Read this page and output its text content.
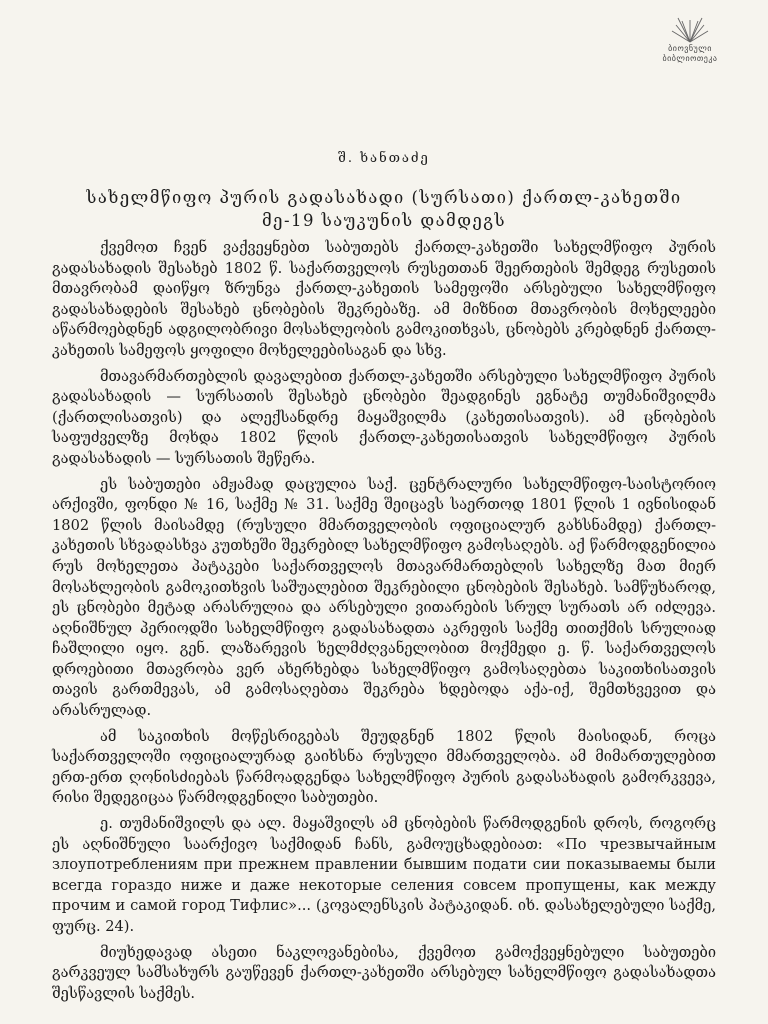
ბიოვნული
ბიბლიოთეკა
შ. ხანთაძე
სახელმწიფო პურის გადასახადი (სურსათი) ქართლ-კახეთში
მე-19 საუკუნის დამდეგს

ქვემოთ ჩვენ ვაქვეყნებთ საბუთებს ქართლ-კახეთში სახელმწიფო პურის გადასახადის შესახებ 1802 წ. საქართველოს რუსეთთან შეერთების შემდეგ რუსეთის მთავრობამ დაიწყო ზრუნვა ქართლ-კახეთის სამეფოში არსებული სახელმწიფო გადასახადების შესახებ ცნობების შეკრებაზე. ამ მიზნით მთავრობის მოხელეები აწარმოებდნენ ადგილობრივი მოსახლეობის გამოკითხვას, ცნობებს კრებდნენ ქართლ-კახეთის სამეფოს ყოფილი მოხელეებისაგან და სხვ.

მთავარმართებლის დავალებით ქართლ-კახეთში არსებული სახელმწიფო პურის გადასახადის — სურსათის შესახებ ცნობები შეადგინეს ეგნატე თუმანიშვილმა (ქართლისათვის) და ალექსანდრე მაყაშვილმა (კახეთისათვის). ამ ცნობების საფუძველზე მოხდა 1802 წლის ქართლ-კახეთისათვის სახელმწიფო პურის გადასახადის — სურსათის შეწერა.

ეს საბუთები ამჟამად დაცულია საქ. ცენტრალური სახელმწიფო-საისტორიო არქივში, ფონდი № 16, საქმე № 31. საქმე შეიცავს საერთოდ 1801 წლის 1 ივნისიდან 1802 წლის მაისამდე (რუსული მმართველობის ოფიციალურ გახსნამდე) ქართლ-კახეთის სხვადასხვა კუთხეში შეკრებილ სახელმწიფო გამოსაღებს. აქ წარმოდგენილია რუს მოხელეთა პატაკები საქართველოს მთავარმართებლის სახელზე მათ მიერ მოსახლეობის გამოკითხვის საშუალებით შეკრებილი ცნობების შესახებ. სამწუხაროდ, ეს ცნობები მეტად არასრულია და არსებული ვითარების სრულ სურათს არ იძლევა. აღნიშნულ პერიოდში სახელმწიფო გადასახადთა აკრეფის საქმე თითქმის სრულიად ჩაშლილი იყო. გენ. ლაზარევის ხელმძღვანელობით მოქმედი ე. წ. საქართველოს დროებითი მთავრობა ვერ ახერხებდა სახელმწიფო გამოსაღებთა საკითხისათვის თავის გართმევას, ამ გამოსაღებთა შეკრება ხდებოდა აქა-იქ, შემთხვევით და არასრულად.

ამ საკითხის მოწესრიგებას შეუდგნენ 1802 წლის მაისიდან, როცა საქართველოში ოფიციალურად გაიხსნა რუსული მმართველობა. ამ მიმართულებით ერთ-ერთ ღონისძიებას წარმოადგენდა სახელმწიფო პურის გადასახადის გამორკვევა, რისი შედეგიცაა წარმოდგენილი საბუთები.

ე. თუმანიშვილს და ალ. მაყაშვილს ამ ცნობების წარმოდგენის დროს, როგორც ეს აღნიშნული საარქივო საქმიდან ჩანს, გამოუცხადებიათ: «По чрезвычайным злоупотреблениям при прежнем правлении бывшим подати сии показываемы были всегда гораздо ниже и даже некоторые селения совсем пропущены, как между прочим и самой город Тифлис»... (კოვალენსკის პატაკიდან. იხ. დასახელებული საქმე, ფურც. 24).

მიუხედავად ასეთი ნაკლოვანებისა, ქვემოთ გამოქვეყნებული საბუთები გარკვეულ სამსახურს გაუწევენ ქართლ-კახეთში არსებულ სახელმწიფო გადასახადთა შესწავლის საქმეს.
